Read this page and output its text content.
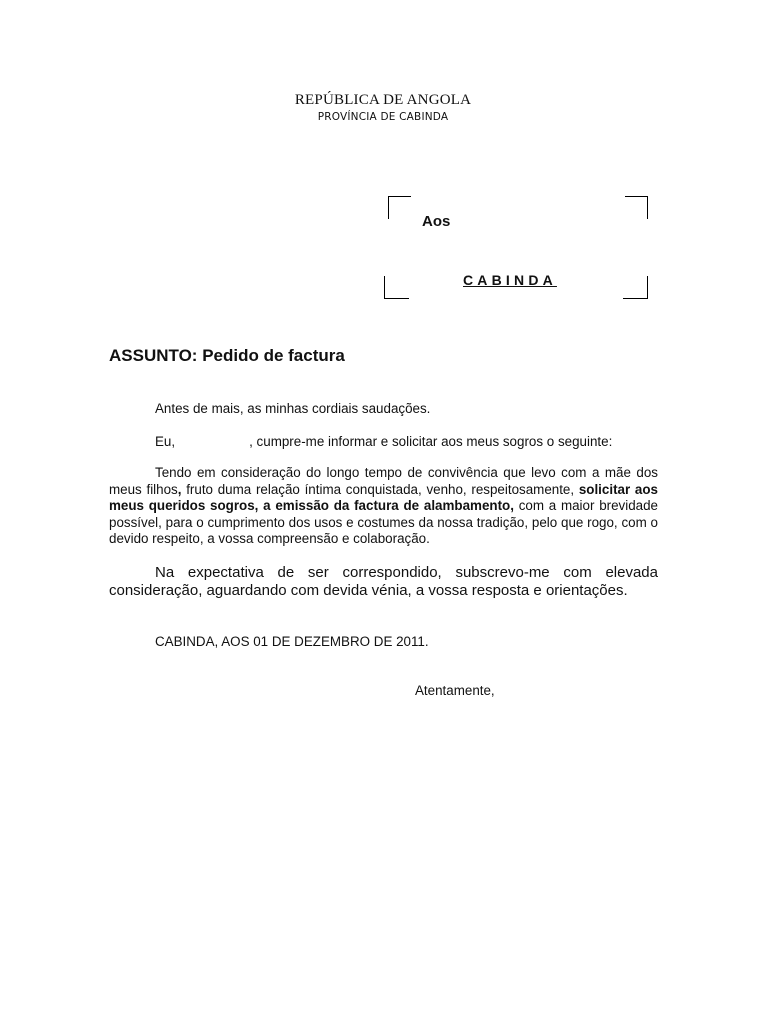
REPÚBLICA DE ANGOLA
PROVÍNCIA DE CABINDA
Aos
CABINDA
ASSUNTO: Pedido de factura
Antes de mais, as minhas cordiais saudações.
Eu,	, cumpre-me informar e solicitar aos meus sogros o seguinte:
Tendo em consideração do longo tempo de convivência que levo com a mãe dos meus filhos, fruto duma relação íntima conquistada, venho, respeitosamente, solicitar aos meus queridos sogros, a emissão da factura de alambamento, com a maior brevidade possível, para o cumprimento dos usos e costumes da nossa tradição, pelo que rogo, com o devido respeito, a vossa compreensão e colaboração.
Na expectativa de ser correspondido, subscrevo-me com elevada consideração, aguardando com devida vénia, a vossa resposta e orientações.
CABINDA, AOS 01 DE DEZEMBRO DE 2011.
Atentamente,
